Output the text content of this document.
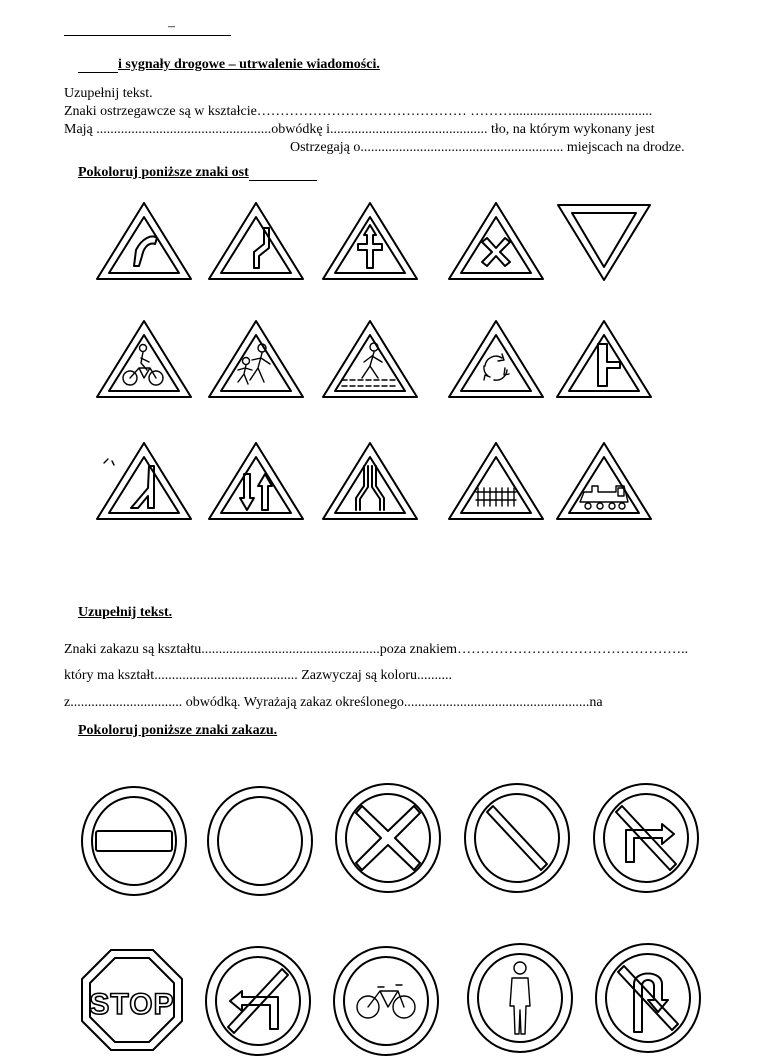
–
i sygnały drogowe – utrwalenie wiadomości.
Uzupełnij tekst.
Znaki ostrzegawcze są w kształcie……………………………………… ………........................................
Mają ..................................................obwódkę i............................................. tło, na którym wykonany jest
Ostrzegają o.......................................................... miejscach na drodze.
Pokoloruj poniższe znaki ost
Uzupełnij tekst.
Znaki zakazu są kształtu...................................................poza znakiem…………………………………………..
który ma kształt......................................... Zazwyczaj są koloru..........
z................................ obwódką. Wyrażają zakaz określonego.....................................................na
Pokoloruj poniższe znaki zakazu.
STOP
